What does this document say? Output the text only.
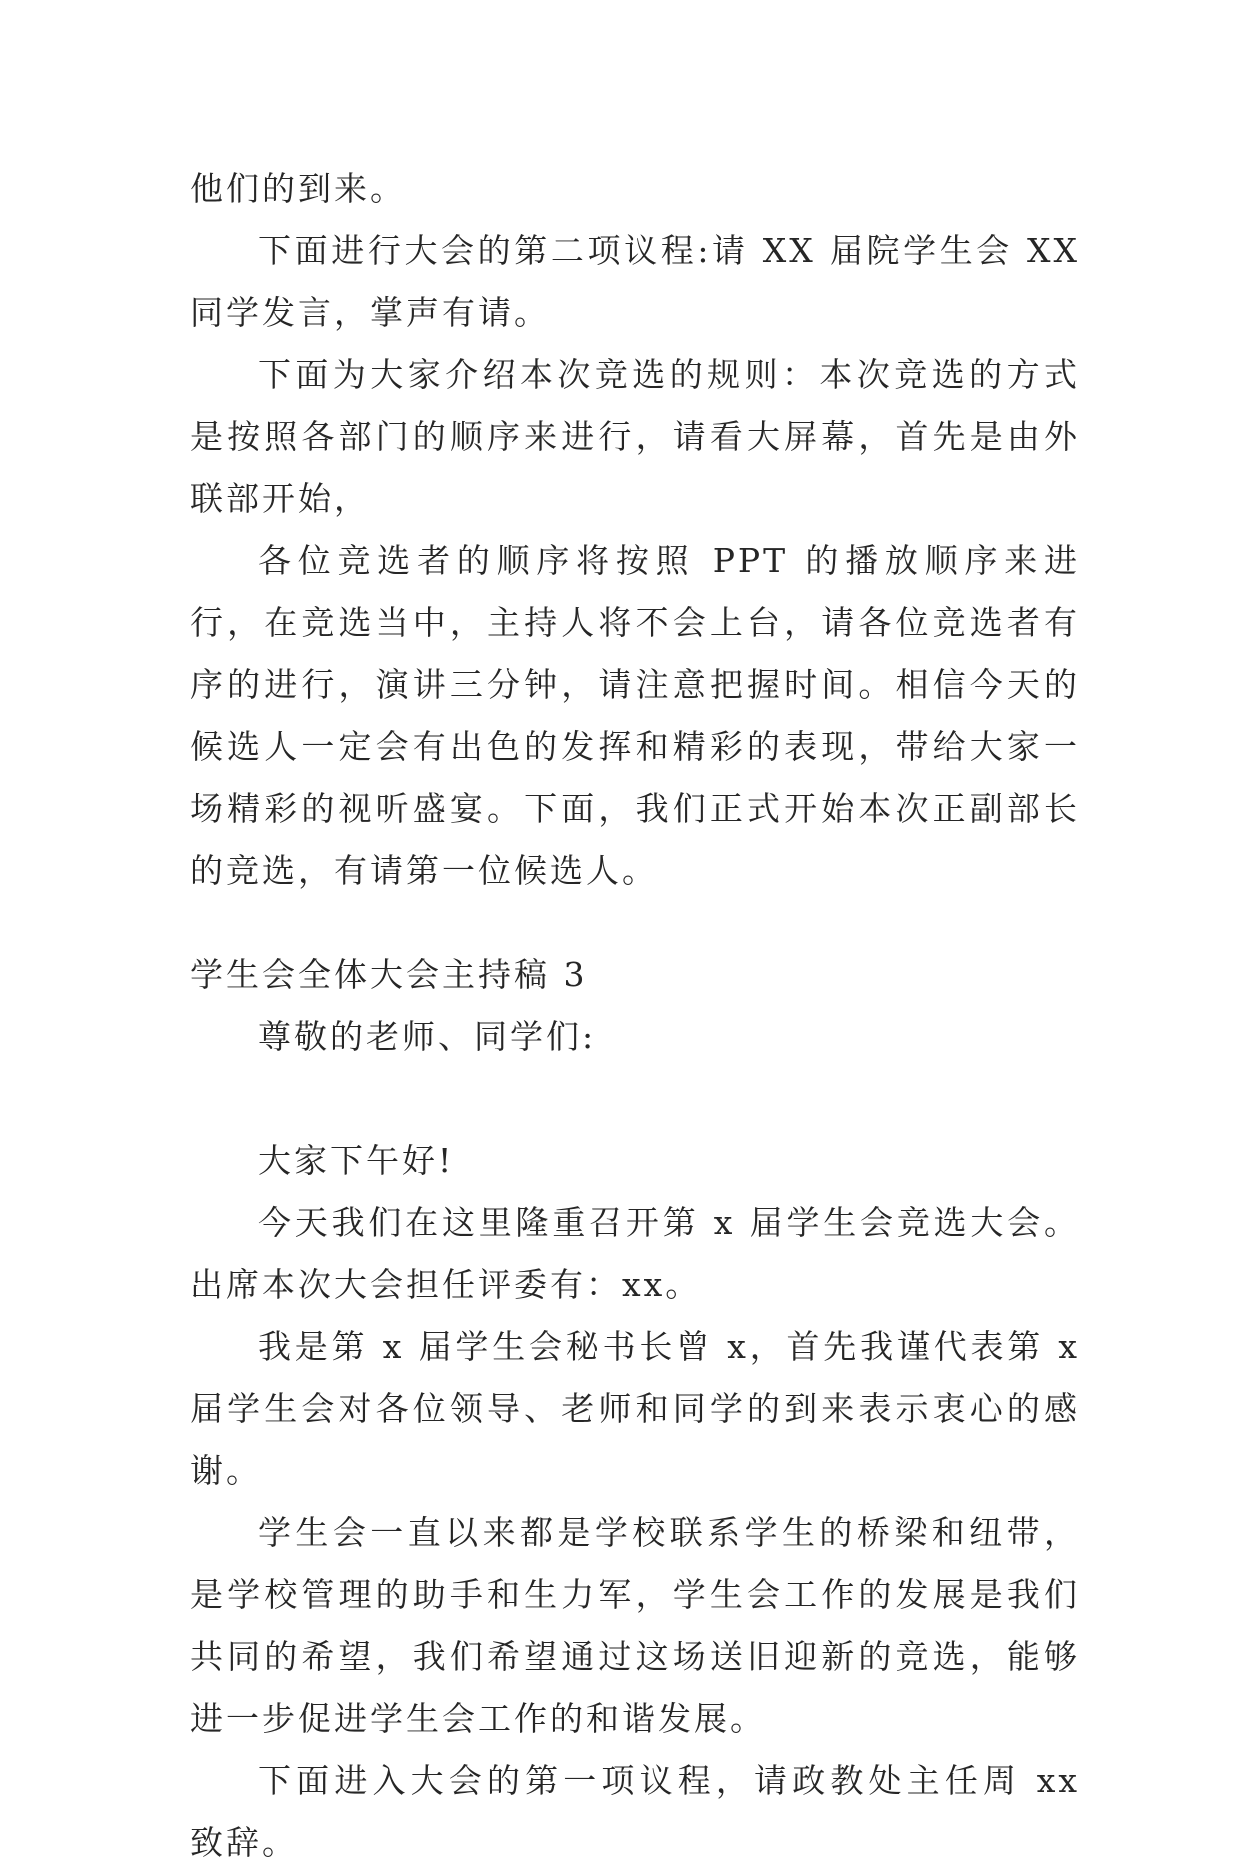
他们的到来。

下面进行大会的第二项议程:请 XX 届院学生会 XX 同学发言，掌声有请。

下面为大家介绍本次竞选的规则：本次竞选的方式是按照各部门的顺序来进行，请看大屏幕，首先是由外联部开始，

各位竞选者的顺序将按照 PPT 的播放顺序来进行，在竞选当中，主持人将不会上台，请各位竞选者有序的进行，演讲三分钟，请注意把握时间。相信今天的候选人一定会有出色的发挥和精彩的表现，带给大家一场精彩的视听盛宴。下面，我们正式开始本次正副部长的竞选，有请第一位候选人。

学生会全体大会主持稿 3

尊敬的老师、同学们:

大家下午好!

今天我们在这里隆重召开第 x 届学生会竞选大会。出席本次大会担任评委有：xx。

我是第 x 届学生会秘书长曾 x，首先我谨代表第 x 届学生会对各位领导、老师和同学的到来表示衷心的感谢。

学生会一直以来都是学校联系学生的桥梁和纽带，是学校管理的助手和生力军，学生会工作的发展是我们共同的希望，我们希望通过这场送旧迎新的竞选，能够进一步促进学生会工作的和谐发展。

下面进入大会的第一项议程，请政教处主任周 xx 致辞。
